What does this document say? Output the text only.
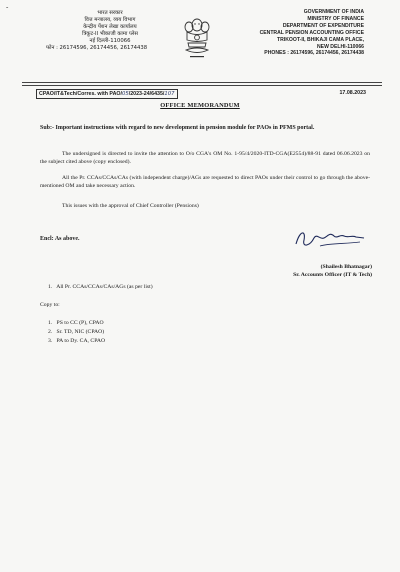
-
भारत सरकार
वित्त मन्त्रालय, व्यय विभाग
केन्द्रीय पेंशन लेखा कार्यालय
त्रिकूट-II भीकाजी कामा प्लेस
नई दिल्ली-110066
फोन : 26174596, 26174456, 26174438
GOVERNMENT OF INDIA
MINISTRY OF FINANCE
DEPARTMENT OF EXPENDITURE
CENTRAL PENSION ACCOUNTING OFFICE
TRIKOOT-II, BHIKAJI CAMA PLACE,
NEW DELHI-110066
PHONES : 26174596, 26174456, 26174438
CPAO/IT&Tech/Corres. with PAO/05/2023-24/6435/107	17.08.2023
OFFICE MEMORANDUM
Sub:- Important instructions with regard to new development in pension module for PAOs in PFMS portal.
The undersigned is directed to invite the attention to O/o CGA's OM No. 1-95/4/2020-ITD-CGA(E2554)/88-91 dated 06.06.2023 on the subject cited above (copy enclosed).
All the Pr. CCAs/CCAs/CAs (with independent charge)/AGs are requested to direct PAOs under their control to go through the above-mentioned OM and take necessary action.
This issues with the approval of Chief Controller (Pensions)
Encl: As above.
(Shailesh Bhatnagar)
Sr. Accounts Officer (IT & Tech)
1. All Pr. CCAs/CCAs/CAs/AGs (as per list)
Copy to:
1. PS to CC (P), CPAO
2. Sr. TD, NIC (CPAO)
3. PA to Dy. CA, CPAO
